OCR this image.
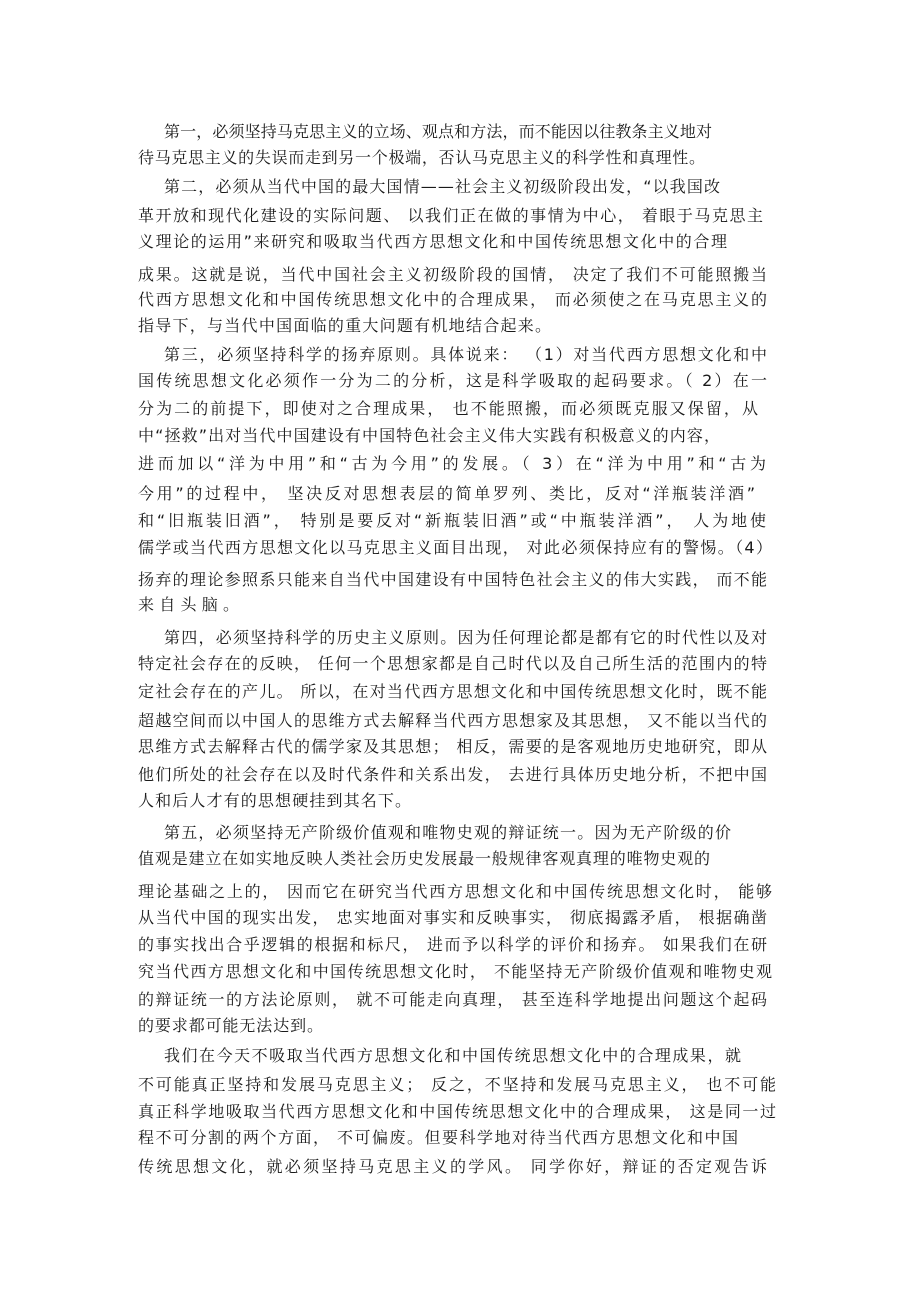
第一，必须坚持马克思主义的立场、观点和方法，而不能因以往教条主义地对

待马克思主义的失误而走到另一个极端，否认马克思主义的科学性和真理性。

第二，必须从当代中国的最大国情——社会主义初级阶段出发，“以我国改

革开放和现代化建设的实际问题、 以我们正在做的事情为中心， 着眼于马克思主

义理论的运用”来研究和吸取当代西方思想文化和中国传统思想文化中的合理

成果。这就是说，当代中国社会主义初级阶段的国情， 决定了我们不可能照搬当

代西方思想文化和中国传统思想文化中的合理成果， 而必须使之在马克思主义的

指导下，与当代中国面临的重大问题有机地结合起来。

第三，必须坚持科学的扬弃原则。具体说来： （1）对当代西方思想文化和中

国传统思想文化必须作一分为二的分析，这是科学吸取的起码要求。（ 2）在一

分为二的前提下，即使对之合理成果， 也不能照搬，而必须既克服又保留，从

中“拯救”出对当代中国建设有中国特色社会主义伟大实践有积极意义的内容，

进而加以“洋为中用”和“古为今用”的发展。（ 3）在“洋为中用”和“古为

今用”的过程中， 坚决反对思想表层的简单罗列、类比，反对“洋瓶装洋酒”

和“旧瓶装旧酒”， 特别是要反对“新瓶装旧酒”或“中瓶装洋酒”， 人为地使

儒学或当代西方思想文化以马克思主义面目出现， 对此必须保持应有的警惕。（4）

扬弃的理论参照系只能来自当代中国建设有中国特色社会主义的伟大实践， 而不能

来自头脑。

第四，必须坚持科学的历史主义原则。因为任何理论都是都有它的时代性以及对

特定社会存在的反映， 任何一个思想家都是自己时代以及自己所生活的范围内的特

定社会存在的产儿。 所以，在对当代西方思想文化和中国传统思想文化时，既不能

超越空间而以中国人的思维方式去解释当代西方思想家及其思想， 又不能以当代的

思维方式去解释古代的儒学家及其思想； 相反，需要的是客观地历史地研究，即从

他们所处的社会存在以及时代条件和关系出发， 去进行具体历史地分析，不把中国

人和后人才有的思想硬挂到其名下。

第五，必须坚持无产阶级价值观和唯物史观的辩证统一。因为无产阶级的价

值观是建立在如实地反映人类社会历史发展最一般规律客观真理的唯物史观的

理论基础之上的， 因而它在研究当代西方思想文化和中国传统思想文化时， 能够

从当代中国的现实出发， 忠实地面对事实和反映事实， 彻底揭露矛盾， 根据确凿

的事实找出合乎逻辑的根据和标尺， 进而予以科学的评价和扬弃。 如果我们在研

究当代西方思想文化和中国传统思想文化时， 不能坚持无产阶级价值观和唯物史观

的辩证统一的方法论原则， 就不可能走向真理， 甚至连科学地提出问题这个起码

的要求都可能无法达到。

我们在今天不吸取当代西方思想文化和中国传统思想文化中的合理成果，就

不可能真正坚持和发展马克思主义； 反之，不坚持和发展马克思主义， 也不可能

真正科学地吸取当代西方思想文化和中国传统思想文化中的合理成果， 这是同一过

程不可分割的两个方面， 不可偏废。但要科学地对待当代西方思想文化和中国

传统思想文化，就必须坚持马克思主义的学风。 同学你好，辩证的否定观告诉
